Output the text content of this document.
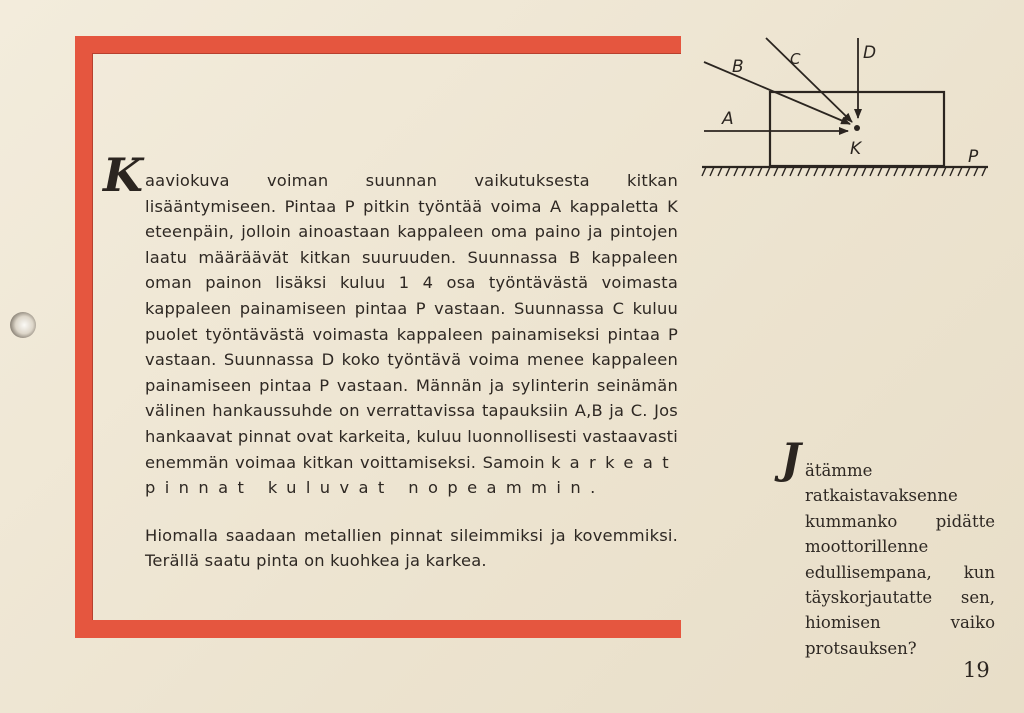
K aaviokuva voiman suunnan vaikutuksesta kitkan lisääntymiseen. Pintaa P pitkin työntää voima A kappaletta K eteenpäin, jolloin ainoastaan kappaleen oma paino ja pintojen laatu määräävät kitkan suuruuden. Suunnassa B kappaleen oman painon lisäksi kuluu 1 4 osa työntävästä voimasta kappaleen painamiseen pintaa P vastaan. Suunnassa C kuluu puolet työntävästä voimasta kappaleen painamiseksi pintaa P vastaan. Suunnassa D koko työntävä voima menee kappaleen painamiseen pintaa P vastaan. Männän ja sylinterin seinämän välinen hankaussuhde on verrattavissa tapauksiin A,B ja C. Jos hankaavat pinnat ovat karkeita, kuluu luonnollisesti vastaavasti enemmän voimaa kitkan voittamiseksi. Samoin karkeat pinnat kuluvat nopeammin.

Hiomalla saadaan metallien pinnat sileimmiksi ja kovemmiksi. Terällä saatu pinta on kuohkea ja karkea.

A
B	C	D
K	P
J ätämme ratkaistavaksenne kummanko pidätte moottorillenne edullisempana, kun täyskorjautatte sen, hiomisen vaiko protsauksen?
19
